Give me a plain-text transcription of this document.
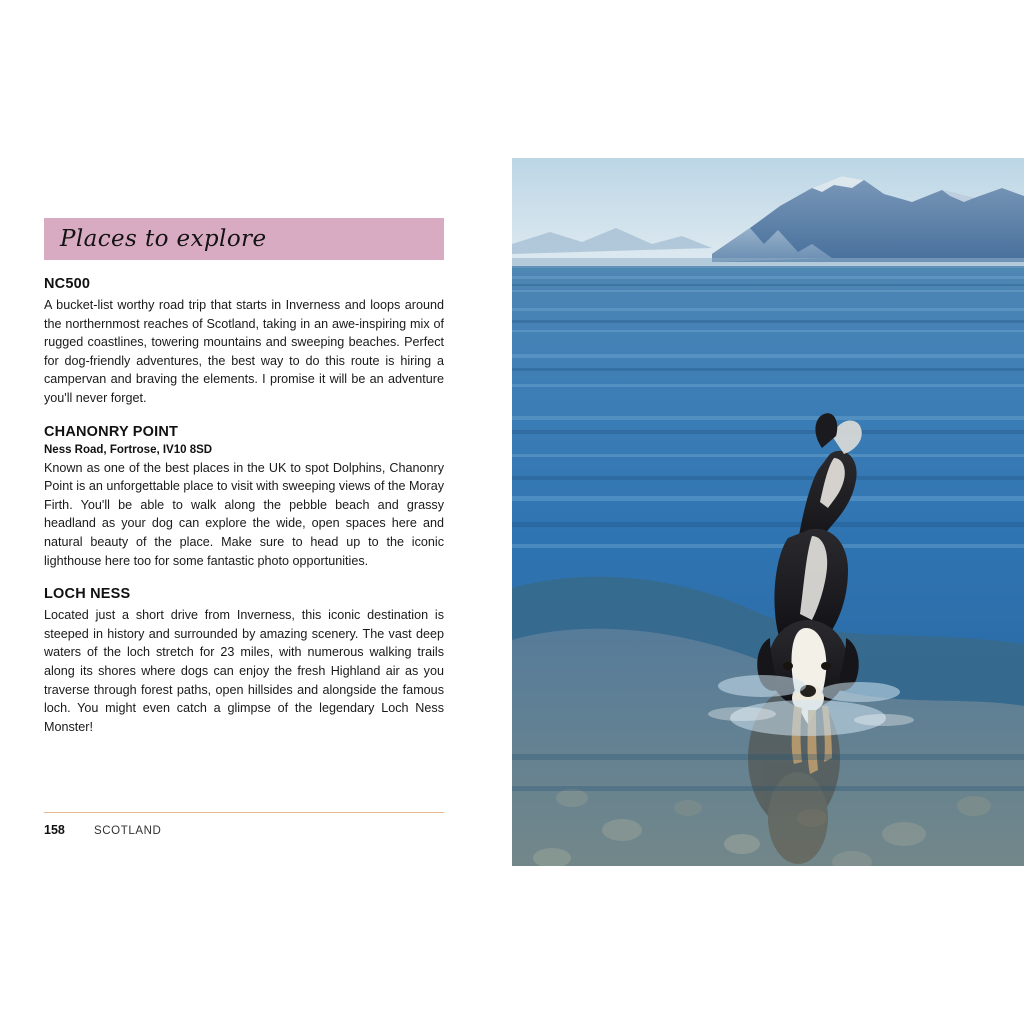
Places to explore
NC500
A bucket-list worthy road trip that starts in Inverness and loops around the northernmost reaches of Scotland, taking in an awe-inspiring mix of rugged coastlines, towering mountains and sweeping beaches. Perfect for dog-friendly adventures, the best way to do this route is hiring a campervan and braving the elements. I promise it will be an adventure you'll never forget.
CHANONRY POINT
Ness Road, Fortrose, IV10 8SD
Known as one of the best places in the UK to spot Dolphins, Chanonry Point is an unforgettable place to visit with sweeping views of the Moray Firth. You'll be able to walk along the pebble beach and grassy headland as your dog can explore the wide, open spaces here and natural beauty of the place. Make sure to head up to the iconic lighthouse here too for some fantastic photo opportunities.
LOCH NESS
Located just a short drive from Inverness, this iconic destination is steeped in history and surrounded by amazing scenery. The vast deep waters of the loch stretch for 23 miles, with numerous walking trails along its shores where dogs can enjoy the fresh Highland air as you traverse through forest paths, open hillsides and alongside the famous loch. You might even catch a glimpse of the legendary Loch Ness Monster!
158	SCOTLAND
